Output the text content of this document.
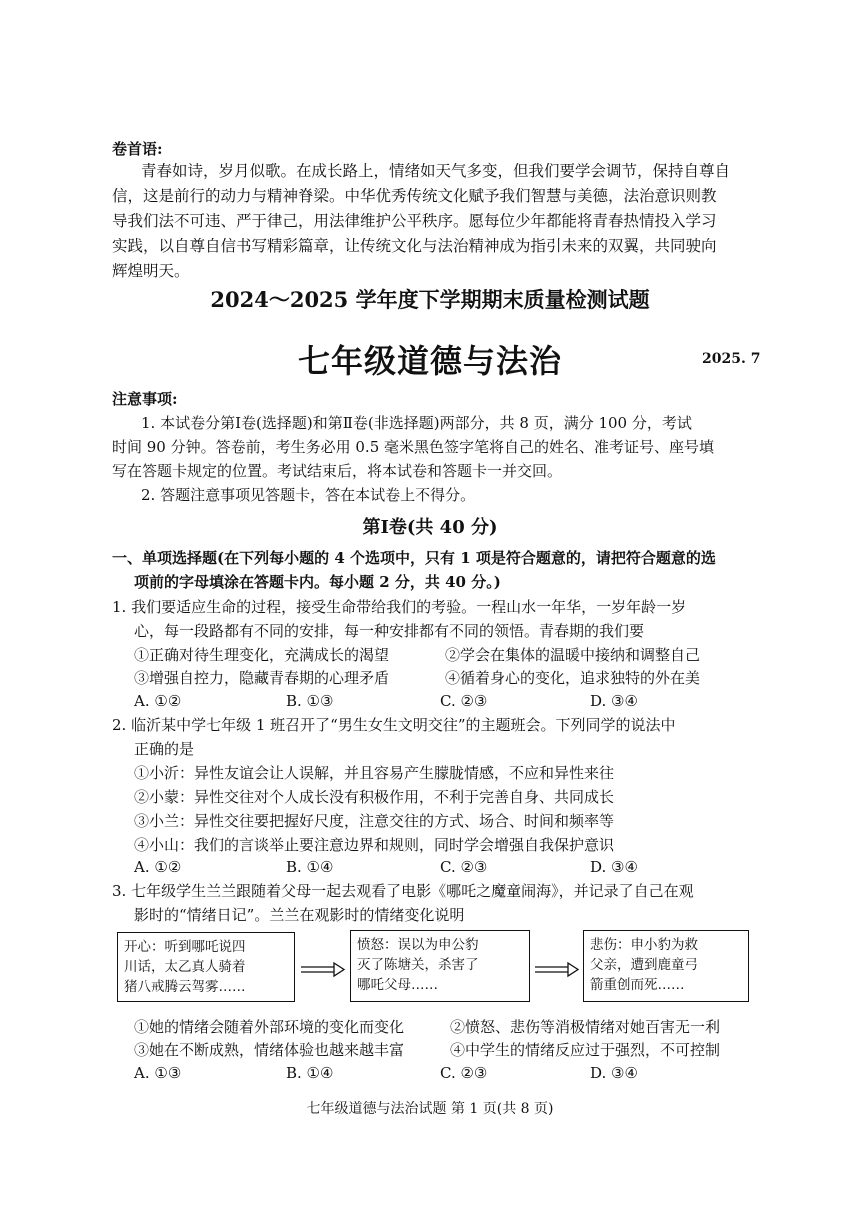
卷首语:
青春如诗，岁月似歌。在成长路上，情绪如天气多变，但我们要学会调节，保持自尊自
信，这是前行的动力与精神脊梁。中华优秀传统文化赋予我们智慧与美德，法治意识则教
导我们法不可违、严于律己，用法律维护公平秩序。愿每位少年都能将青春热情投入学习
实践，以自尊自信书写精彩篇章，让传统文化与法治精神成为指引未来的双翼，共同驶向
辉煌明天。
2024～2025 学年度下学期期末质量检测试题
七年级道德与法治	2025. 7
注意事项:
1. 本试卷分第Ⅰ卷(选择题)和第Ⅱ卷(非选择题)两部分，共 8 页，满分 100 分，考试
时间 90 分钟。答卷前，考生务必用 0.5 毫米黑色签字笔将自己的姓名、准考证号、座号填
写在答题卡规定的位置。考试结束后，将本试卷和答题卡一并交回。
2. 答题注意事项见答题卡，答在本试卷上不得分。
第Ⅰ卷(共 40 分)
一、单项选择题(在下列每小题的 4 个选项中，只有 1 项是符合题意的，请把符合题意的选
项前的字母填涂在答题卡内。每小题 2 分，共 40 分。)
1. 我们要适应生命的过程，接受生命带给我们的考验。一程山水一年华，一岁年龄一岁
心，每一段路都有不同的安排，每一种安排都有不同的领悟。青春期的我们要
①正确对待生理变化，充满成长的渴望	②学会在集体的温暖中接纳和调整自己
③增强自控力，隐藏青春期的心理矛盾	④循着身心的变化，追求独特的外在美
A. ①②	B. ①③	C. ②③	D. ③④
2. 临沂某中学七年级 1 班召开了“男生女生文明交往”的主题班会。下列同学的说法中
正确的是
①小沂：异性友谊会让人误解，并且容易产生朦胧情感，不应和异性来往
②小蒙：异性交往对个人成长没有积极作用，不利于完善自身、共同成长
③小兰：异性交往要把握好尺度，注意交往的方式、场合、时间和频率等
④小山：我们的言谈举止要注意边界和规则，同时学会增强自我保护意识
A. ①②	B. ①④	C. ②③	D. ③④
3. 七年级学生兰兰跟随着父母一起去观看了电影《哪吒之魔童闹海》，并记录了自己在观
影时的“情绪日记”。兰兰在观影时的情绪变化说明
开心：听到哪吒说四
川话，太乙真人骑着
猪八戒腾云驾雾……
愤怒：误以为申公豹
灭了陈塘关，杀害了
哪吒父母……
悲伤：申小豹为救
父亲，遭到鹿童弓
箭重创而死……
①她的情绪会随着外部环境的变化而变化	②愤怒、悲伤等消极情绪对她百害无一利
③她在不断成熟，情绪体验也越来越丰富	④中学生的情绪反应过于强烈，不可控制
A. ①③	B. ①④	C. ②③	D. ③④
七年级道德与法治试题 第 1 页(共 8 页)
